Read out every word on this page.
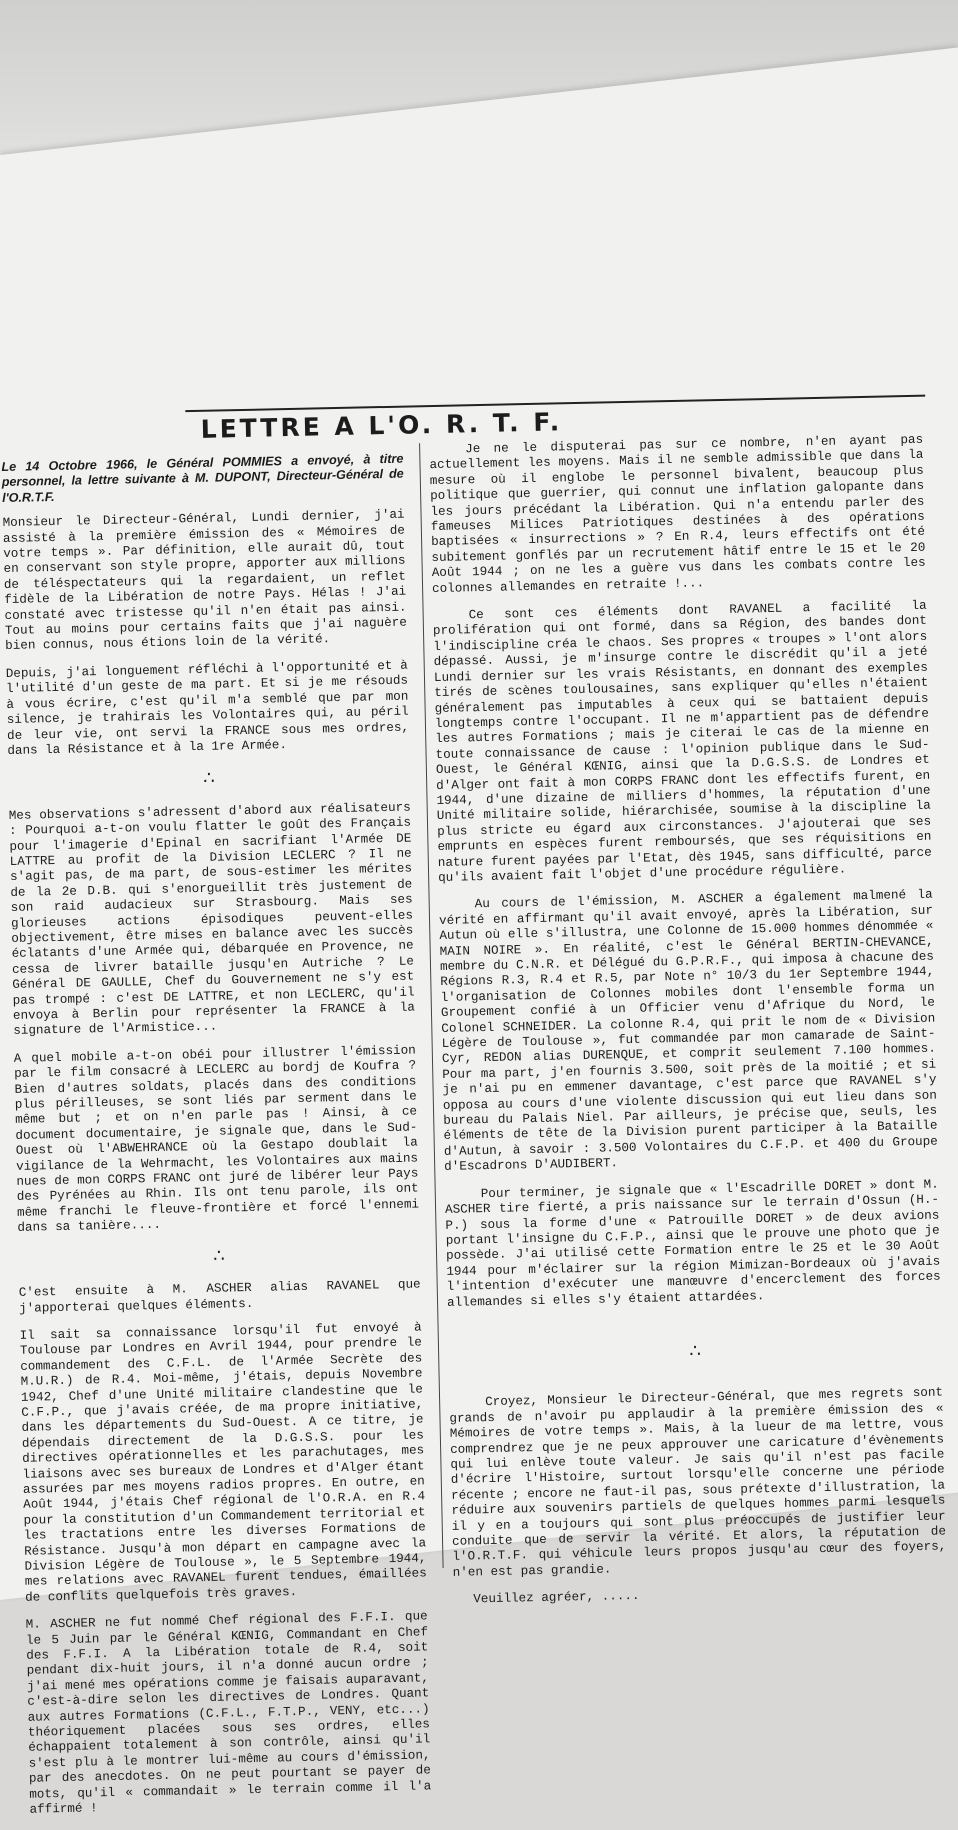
LETTRE A L'O. R. T. F.

Le 14 Octobre 1966, le Général POMMIES a envoyé, à titre personnel, la lettre suivante à M. DUPONT, Directeur-Général de l'O.R.T.F.

Monsieur le Directeur-Général, Lundi dernier, j'ai assisté à la première émission des « Mémoires de votre temps ». Par définition, elle aurait dû, tout en conservant son style propre, apporter aux millions de téléspectateurs qui la regardaient, un reflet fidèle de la Libération de notre Pays. Hélas ! J'ai constaté avec tristesse qu'il n'en était pas ainsi. Tout au moins pour certains faits que j'ai naguère bien connus, nous étions loin de la vérité.

Depuis, j'ai longuement réfléchi à l'opportunité et à l'utilité d'un geste de ma part. Et si je me résouds à vous écrire, c'est qu'il m'a semblé que par mon silence, je trahirais les Volontaires qui, au péril de leur vie, ont servi la FRANCE sous mes ordres, dans la Résistance et à la 1re Armée.

∴

Mes observations s'adressent d'abord aux réalisateurs : Pourquoi a-t-on voulu flatter le goût des Français pour l'imagerie d'Epinal en sacrifiant l'Armée DE LATTRE au profit de la Division LECLERC ? Il ne s'agit pas, de ma part, de sous-estimer les mérites de la 2e D.B. qui s'enorgueillit très justement de son raid audacieux sur Strasbourg. Mais ses glorieuses actions épisodiques peuvent-elles objectivement, être mises en balance avec les succès éclatants d'une Armée qui, débarquée en Provence, ne cessa de livrer bataille jusqu'en Autriche ? Le Général DE GAULLE, Chef du Gouvernement ne s'y est pas trompé : c'est DE LATTRE, et non LECLERC, qu'il envoya à Berlin pour représenter la FRANCE à la signature de l'Armistice...

A quel mobile a-t-on obéi pour illustrer l'émission par le film consacré à LECLERC au bordj de Koufra ? Bien d'autres soldats, placés dans des conditions plus périlleuses, se sont liés par serment dans le même but ; et on n'en parle pas ! Ainsi, à ce document documentaire, je signale que, dans le Sud-Ouest où l'ABWEHRANCE où la Gestapo doublait la vigilance de la Wehrmacht, les Volontaires aux mains nues de mon CORPS FRANC ont juré de libérer leur Pays des Pyrénées au Rhin. Ils ont tenu parole, ils ont même franchi le fleuve-frontière et forcé l'ennemi dans sa tanière....

∴

C'est ensuite à M. ASCHER alias RAVANEL que j'apporterai quelques éléments.

Il sait sa connaissance lorsqu'il fut envoyé à Toulouse par Londres en Avril 1944, pour prendre le commandement des C.F.L. de l'Armée Secrète des M.U.R.) de R.4. Moi-même, j'étais, depuis Novembre 1942, Chef d'une Unité militaire clandestine que le C.F.P., que j'avais créée, de ma propre initiative, dans les départements du Sud-Ouest. A ce titre, je dépendais directement de la D.G.S.S. pour les directives opérationnelles et les parachutages, mes liaisons avec ses bureaux de Londres et d'Alger étant assurées par mes moyens radios propres. En outre, en Août 1944, j'étais Chef régional de l'O.R.A. en R.4 pour la constitution d'un Commandement territorial et les tractations entre les diverses Formations de Résistance. Jusqu'à mon départ en campagne avec la Division Légère de Toulouse », le 5 Septembre 1944, mes relations avec RAVANEL furent tendues, émaillées de conflits quelquefois très graves.

M. ASCHER ne fut nommé Chef régional des F.F.I. que le 5 Juin par le Général KŒNIG, Commandant en Chef des F.F.I. A la Libération totale de R.4, soit pendant dix-huit jours, il n'a donné aucun ordre ; j'ai mené mes opérations comme je faisais auparavant, c'est-à-dire selon les directives de Londres. Quant aux autres Formations (C.F.L., F.T.P., VENY, etc...) théoriquement placées sous ses ordres, elles échappaient totalement à son contrôle, ainsi qu'il s'est plu à le montrer lui-même au cours d'émission, par des anecdotes. On ne peut pourtant se payer de mots, qu'il « commandait » le terrain comme il l'a affirmé !

Je ne le disputerai pas sur ce nombre, n'en ayant pas actuellement les moyens. Mais il ne semble admissible que dans la mesure où il englobe le personnel bivalent, beaucoup plus politique que guerrier, qui connut une inflation galopante dans les jours précédant la Libération. Qui n'a entendu parler des fameuses Milices Patriotiques destinées à des opérations baptisées « insurrections » ? En R.4, leurs effectifs ont été subitement gonflés par un recrutement hâtif entre le 15 et le 20 Août 1944 ; on ne les a guère vus dans les combats contre les colonnes allemandes en retraite !...

Ce sont ces éléments dont RAVANEL a facilité la prolifération qui ont formé, dans sa Région, des bandes dont l'indiscipline créa le chaos. Ses propres « troupes » l'ont alors dépassé. Aussi, je m'insurge contre le discrédit qu'il a jeté Lundi dernier sur les vrais Résistants, en donnant des exemples tirés de scènes toulousaines, sans expliquer qu'elles n'étaient généralement pas imputables à ceux qui se battaient depuis longtemps contre l'occupant. Il ne m'appartient pas de défendre les autres Formations ; mais je citerai le cas de la mienne en toute connaissance de cause : l'opinion publique dans le Sud-Ouest, le Général KŒNIG, ainsi que la D.G.S.S. de Londres et d'Alger ont fait à mon CORPS FRANC dont les effectifs furent, en 1944, d'une dizaine de milliers d'hommes, la réputation d'une Unité militaire solide, hiérarchisée, soumise à la discipline la plus stricte eu égard aux circonstances. J'ajouterai que ses emprunts en espèces furent remboursés, que ses réquisitions en nature furent payées par l'Etat, dès 1945, sans difficulté, parce qu'ils avaient fait l'objet d'une procédure régulière.

Au cours de l'émission, M. ASCHER a également malmené la vérité en affirmant qu'il avait envoyé, après la Libération, sur Autun où elle s'illustra, une Colonne de 15.000 hommes dénommée « MAIN NOIRE ». En réalité, c'est le Général BERTIN-CHEVANCE, membre du C.N.R. et Délégué du G.P.R.F., qui imposa à chacune des Régions R.3, R.4 et R.5, par Note n° 10/3 du 1er Septembre 1944, l'organisation de Colonnes mobiles dont l'ensemble forma un Groupement confié à un Officier venu d'Afrique du Nord, le Colonel SCHNEIDER. La colonne R.4, qui prit le nom de « Division Légère de Toulouse », fut commandée par mon camarade de Saint-Cyr, REDON alias DURENQUE, et comprit seulement 7.100 hommes. Pour ma part, j'en fournis 3.500, soit près de la moitié ; et si je n'ai pu en emmener davantage, c'est parce que RAVANEL s'y opposa au cours d'une violente discussion qui eut lieu dans son bureau du Palais Niel. Par ailleurs, je précise que, seuls, les éléments de tête de la Division purent participer à la Bataille d'Autun, à savoir : 3.500 Volontaires du C.F.P. et 400 du Groupe d'Escadrons D'AUDIBERT.

Pour terminer, je signale que « l'Escadrille DORET » dont M. ASCHER tire fierté, a pris naissance sur le terrain d'Ossun (H.-P.) sous la forme d'une « Patrouille DORET » de deux avions portant l'insigne du C.F.P., ainsi que le prouve une photo que je possède. J'ai utilisé cette Formation entre le 25 et le 30 Août 1944 pour m'éclairer sur la région Mimizan-Bordeaux où j'avais l'intention d'exécuter une manœuvre d'encerclement des forces allemandes si elles s'y étaient attardées.

∴

Croyez, Monsieur le Directeur-Général, que mes regrets sont grands de n'avoir pu applaudir à la première émission des « Mémoires de votre temps ». Mais, à la lueur de ma lettre, vous comprendrez que je ne peux approuver une caricature d'évènements qui lui enlève toute valeur. Je sais qu'il n'est pas facile d'écrire l'Histoire, surtout lorsqu'elle concerne une période récente ; encore ne faut-il pas, sous prétexte d'illustration, la réduire aux souvenirs partiels de quelques hommes parmi lesquels il y en a toujours qui sont plus préoccupés de justifier leur conduite que de servir la vérité. Et alors, la réputation de l'O.R.T.F. qui véhicule leurs propos jusqu'au cœur des foyers, n'en est pas grandie.

Veuillez agréer, .....
